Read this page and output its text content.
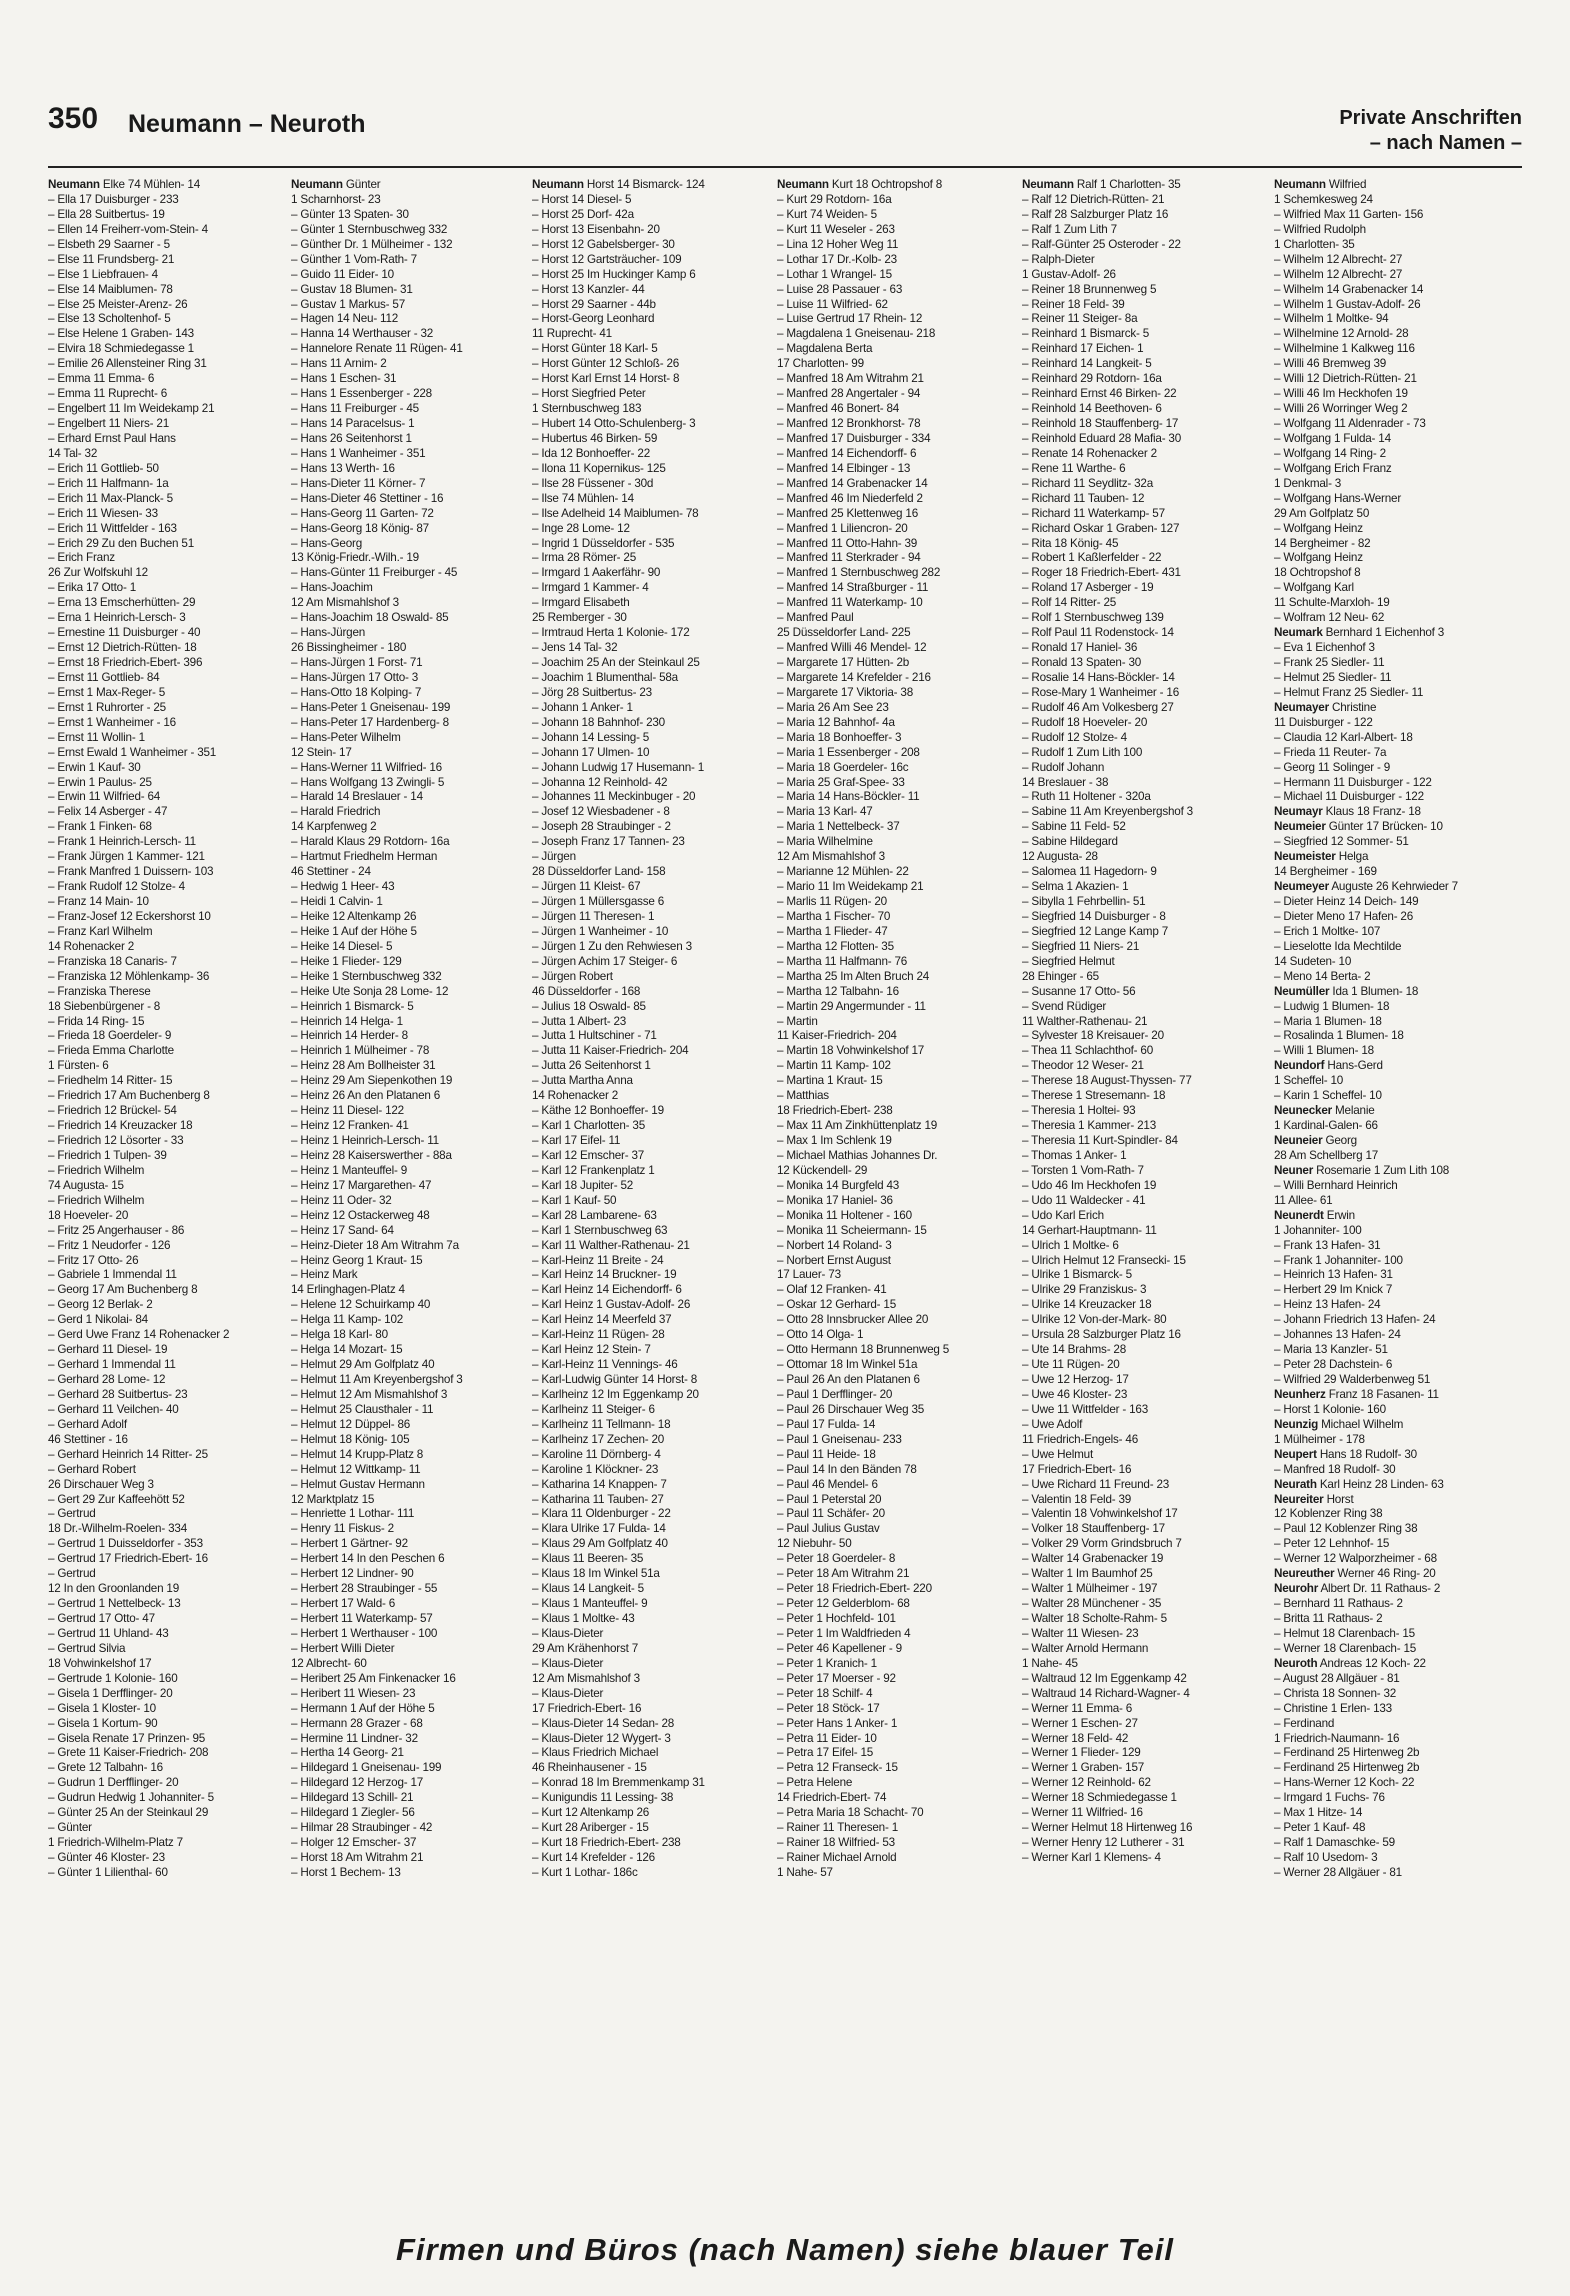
350 Neumann – Neuroth	Private Anschriften
– nach Namen –
Neumann Elke 74 Mühlen- 14
– Ella 17 Duisburger - 233
– Ella 28 Suitbertus- 19
– Ellen 14 Freiherr-vom-Stein- 4
– Elsbeth 29 Saarner - 5
– Else 11 Frundsberg- 21
– Else 1 Liebfrauen- 4
– Else 14 Maiblumen- 78
– Else 25 Meister-Arenz- 26
– Else 13 Scholtenhof- 5
– Else Helene 1 Graben- 143
– Elvira 18 Schmiedegasse 1
– Emilie 26 Allensteiner Ring 31
– Emma 11 Emma- 6
– Emma 11 Ruprecht- 6
– Engelbert 11 Im Weidekamp 21
– Engelbert 11 Niers- 21
– Erhard Ernst Paul Hans
14 Tal- 32
– Erich 11 Gottlieb- 50
– Erich 11 Halfmann- 1a
– Erich 11 Max-Planck- 5
– Erich 11 Wiesen- 33
– Erich 11 Wittfelder - 163
– Erich 29 Zu den Buchen 51
– Erich Franz
26 Zur Wolfskuhl 12
– Erika 17 Otto- 1
– Erna 13 Emscherhütten- 29
– Erna 1 Heinrich-Lersch- 3
– Ernestine 11 Duisburger - 40
– Ernst 12 Dietrich-Rütten- 18
– Ernst 18 Friedrich-Ebert- 396
– Ernst 11 Gottlieb- 84
– Ernst 1 Max-Reger- 5
– Ernst 1 Ruhrorter - 25
– Ernst 1 Wanheimer - 16
– Ernst 11 Wollin- 1
– Ernst Ewald 1 Wanheimer - 351
– Erwin 1 Kauf- 30
– Erwin 1 Paulus- 25
– Erwin 11 Wilfried- 64
– Felix 14 Asberger - 47
– Frank 1 Finken- 68
– Frank 1 Heinrich-Lersch- 11
– Frank Jürgen 1 Kammer- 121
– Frank Manfred 1 Duissern- 103
– Frank Rudolf 12 Stolze- 4
– Franz 14 Main- 10
– Franz-Josef 12 Eckershorst 10
– Franz Karl Wilhelm
14 Rohenacker 2
– Franziska 18 Canaris- 7
– Franziska 12 Möhlenkamp- 36
– Franziska Therese
18 Siebenbürgener - 8
– Frida 14 Ring- 15
– Frieda 18 Goerdeler- 9
– Frieda Emma Charlotte
1 Fürsten- 6
– Friedhelm 14 Ritter- 15
– Friedrich 17 Am Buchenberg 8
– Friedrich 12 Brückel- 54
– Friedrich 14 Kreuzacker 18
– Friedrich 12 Lösorter - 33
– Friedrich 1 Tulpen- 39
– Friedrich Wilhelm
74 Augusta- 15
– Friedrich Wilhelm
18 Hoeveler- 20
– Fritz 25 Angerhauser - 86
– Fritz 1 Neudorfer - 126
– Fritz 17 Otto- 26
– Gabriele 1 Immendal 11
– Georg 17 Am Buchenberg 8
– Georg 12 Berlak- 2
– Gerd 1 Nikolai- 84
– Gerd Uwe Franz 14 Rohenacker 2
– Gerhard 11 Diesel- 19
– Gerhard 1 Immendal 11
– Gerhard 28 Lome- 12
– Gerhard 28 Suitbertus- 23
– Gerhard 11 Veilchen- 40
– Gerhard Adolf
46 Stettiner - 16
– Gerhard Heinrich 14 Ritter- 25
– Gerhard Robert
26 Dirschauer Weg 3
– Gert 29 Zur Kaffeehött 52
– Gertrud
18 Dr.-Wilhelm-Roelen- 334
– Gertrud 1 Duisseldorfer - 353
– Gertrud 17 Friedrich-Ebert- 16
– Gertrud
12 In den Groonlanden 19
– Gertrud 1 Nettelbeck- 13
– Gertrud 17 Otto- 47
– Gertrud 11 Uhland- 43
– Gertrud Silvia
18 Vohwinkelshof 17
– Gertrude 1 Kolonie- 160
– Gisela 1 Derfflinger- 20
– Gisela 1 Kloster- 10
– Gisela 1 Kortum- 90
– Gisela Renate 17 Prinzen- 95
– Grete 11 Kaiser-Friedrich- 208
– Grete 12 Talbahn- 16
– Gudrun 1 Derfflinger- 20
– Gudrun Hedwig 1 Johanniter- 5
– Günter 25 An der Steinkaul 29
– Günter
1 Friedrich-Wilhelm-Platz 7
– Günter 46 Kloster- 23
– Günter 1 Lilienthal- 60
Neumann Günter
1 Scharnhorst- 23
– Günter 13 Spaten- 30
– Günter 1 Sternbuschweg 332
– Günther Dr. 1 Mülheimer - 132
– Günther 1 Vom-Rath- 7
– Guido 11 Eider- 10
– Gustav 18 Blumen- 31
– Gustav 1 Markus- 57
– Hagen 14 Neu- 112
– Hanna 14 Werthauser - 32
– Hannelore Renate 11 Rügen- 41
– Hans 11 Arnim- 2
– Hans 1 Eschen- 31
– Hans 1 Essenberger - 228
– Hans 11 Freiburger - 45
– Hans 14 Paracelsus- 1
– Hans 26 Seitenhorst 1
– Hans 1 Wanheimer - 351
– Hans 13 Werth- 16
– Hans-Dieter 11 Körner- 7
– Hans-Dieter 46 Stettiner - 16
– Hans-Georg 11 Garten- 72
– Hans-Georg 18 König- 87
– Hans-Georg
13 König-Friedr.-Wilh.- 19
– Hans-Günter 11 Freiburger - 45
– Hans-Joachim
12 Am Mismahlshof 3
– Hans-Joachim 18 Oswald- 85
– Hans-Jürgen
26 Bissingheimer - 180
– Hans-Jürgen 1 Forst- 71
– Hans-Jürgen 17 Otto- 3
– Hans-Otto 18 Kolping- 7
– Hans-Peter 1 Gneisenau- 199
– Hans-Peter 17 Hardenberg- 8
– Hans-Peter Wilhelm
12 Stein- 17
– Hans-Werner 11 Wilfried- 16
– Hans Wolfgang 13 Zwingli- 5
– Harald 14 Breslauer - 14
– Harald Friedrich
14 Karpfenweg 2
– Harald Klaus 29 Rotdorn- 16a
– Hartmut Friedhelm Herman
46 Stettiner - 24
– Hedwig 1 Heer- 43
– Heidi 1 Calvin- 1
– Heike 12 Altenkamp 26
– Heike 1 Auf der Höhe 5
– Heike 14 Diesel- 5
– Heike 1 Flieder- 129
– Heike 1 Sternbuschweg 332
– Heike Ute Sonja 28 Lome- 12
– Heinrich 1 Bismarck- 5
– Heinrich 14 Helga- 1
– Heinrich 14 Herder- 8
– Heinrich 1 Mülheimer - 78
– Heinz 28 Am Bollheister 31
– Heinz 29 Am Siepenkothen 19
– Heinz 26 An den Platanen 6
– Heinz 11 Diesel- 122
– Heinz 12 Franken- 41
– Heinz 1 Heinrich-Lersch- 11
– Heinz 28 Kaiserswerther - 88a
– Heinz 1 Manteuffel- 9
– Heinz 17 Margarethen- 47
– Heinz 11 Oder- 32
– Heinz 12 Ostackerweg 48
– Heinz 17 Sand- 64
– Heinz-Dieter 18 Am Witrahm 7a
– Heinz Georg 1 Kraut- 15
– Heinz Mark
14 Erlinghagen-Platz 4
– Helene 12 Schuirkamp 40
– Helga 11 Kamp- 102
– Helga 18 Karl- 80
– Helga 14 Mozart- 15
– Helmut 29 Am Golfplatz 40
– Helmut 11 Am Kreyenbergshof 3
– Helmut 12 Am Mismahlshof 3
– Helmut 25 Clausthaler - 11
– Helmut 12 Düppel- 86
– Helmut 18 König- 105
– Helmut 14 Krupp-Platz 8
– Helmut 12 Wittkamp- 11
– Helmut Gustav Hermann
12 Marktplatz 15
– Henriette 1 Lothar- 111
– Henry 11 Fiskus- 2
– Herbert 1 Gärtner- 92
– Herbert 14 In den Peschen 6
– Herbert 12 Lindner- 90
– Herbert 28 Straubinger - 55
– Herbert 17 Wald- 6
– Herbert 11 Waterkamp- 57
– Herbert 1 Werthauser - 100
– Herbert Willi Dieter
12 Albrecht- 60
– Heribert 25 Am Finkenacker 16
– Heribert 11 Wiesen- 23
– Hermann 1 Auf der Höhe 5
– Hermann 28 Grazer - 68
– Hermine 11 Lindner- 32
– Hertha 14 Georg- 21
– Hildegard 1 Gneisenau- 199
– Hildegard 12 Herzog- 17
– Hildegard 13 Schill- 21
– Hildegard 1 Ziegler- 56
– Hilmar 28 Straubinger - 42
– Holger 12 Emscher- 37
– Horst 18 Am Witrahm 21
– Horst 1 Bechem- 13
Neumann Horst 14 Bismarck- 124
– Horst 14 Diesel- 5
– Horst 25 Dorf- 42a
– Horst 13 Eisenbahn- 20
– Horst 12 Gabelsberger- 30
– Horst 12 Gartsträucher- 109
– Horst 25 Im Huckinger Kamp 6
– Horst 13 Kanzler- 44
– Horst 29 Saarner - 44b
– Horst-Georg Leonhard
11 Ruprecht- 41
– Horst Günter 18 Karl- 5
– Horst Günter 12 Schloß- 26
– Horst Karl Ernst 14 Horst- 8
– Horst Siegfried Peter
1 Sternbuschweg 183
– Hubert 14 Otto-Schulenberg- 3
– Hubertus 46 Birken- 59
– Ida 12 Bonhoeffer- 22
– Ilona 11 Kopernikus- 125
– Ilse 28 Füssener - 30d
– Ilse 74 Mühlen- 14
– Ilse Adelheid 14 Maiblumen- 78
– Inge 28 Lome- 12
– Ingrid 1 Düsseldorfer - 535
– Irma 28 Römer- 25
– Irmgard 1 Aakerfähr- 90
– Irmgard 1 Kammer- 4
– Irmgard Elisabeth
25 Remberger - 30
– Irmtraud Herta 1 Kolonie- 172
– Jens 14 Tal- 32
– Joachim 25 An der Steinkaul 25
– Joachim 1 Blumenthal- 58a
– Jörg 28 Suitbertus- 23
– Johann 1 Anker- 1
– Johann 18 Bahnhof- 230
– Johann 14 Lessing- 5
– Johann 17 Ulmen- 10
– Johann Ludwig 17 Husemann- 1
– Johanna 12 Reinhold- 42
– Johannes 11 Meckinbuger - 20
– Josef 12 Wiesbadener - 8
– Joseph 28 Straubinger - 2
– Joseph Franz 17 Tannen- 23
– Jürgen
28 Düsseldorfer Land- 158
– Jürgen 11 Kleist- 67
– Jürgen 1 Müllersgasse 6
– Jürgen 11 Theresen- 1
– Jürgen 1 Wanheimer - 10
– Jürgen 1 Zu den Rehwiesen 3
– Jürgen Achim 17 Steiger- 6
– Jürgen Robert
46 Düsseldorfer - 168
– Julius 18 Oswald- 85
– Jutta 1 Albert- 23
– Jutta 1 Hultschiner - 71
– Jutta 11 Kaiser-Friedrich- 204
– Jutta 26 Seitenhorst 1
– Jutta Martha Anna
14 Rohenacker 2
– Käthe 12 Bonhoeffer- 19
– Karl 1 Charlotten- 35
– Karl 17 Eifel- 11
– Karl 12 Emscher- 37
– Karl 12 Frankenplatz 1
– Karl 18 Jupiter- 52
– Karl 1 Kauf- 50
– Karl 28 Lambarene- 63
– Karl 1 Sternbuschweg 63
– Karl 11 Walther-Rathenau- 21
– Karl-Heinz 11 Breite - 24
– Karl Heinz 14 Bruckner- 19
– Karl Heinz 14 Eichendorff- 6
– Karl Heinz 1 Gustav-Adolf- 26
– Karl Heinz 14 Meerfeld 37
– Karl-Heinz 11 Rügen- 28
– Karl Heinz 12 Stein- 7
– Karl-Heinz 11 Vennings- 46
– Karl-Ludwig Günter 14 Horst- 8
– Karlheinz 12 Im Eggenkamp 20
– Karlheinz 11 Steiger- 6
– Karlheinz 11 Tellmann- 18
– Karlheinz 17 Zechen- 20
– Karoline 11 Dörnberg- 4
– Karoline 1 Klöckner- 23
– Katharina 14 Knappen- 7
– Katharina 11 Tauben- 27
– Klara 11 Oldenburger - 22
– Klara Ulrike 17 Fulda- 14
– Klaus 29 Am Golfplatz 40
– Klaus 11 Beeren- 35
– Klaus 18 Im Winkel 51a
– Klaus 14 Langkeit- 5
– Klaus 1 Manteuffel- 9
– Klaus 1 Moltke- 43
– Klaus-Dieter
29 Am Krähenhorst 7
– Klaus-Dieter
12 Am Mismahlshof 3
– Klaus-Dieter
17 Friedrich-Ebert- 16
– Klaus-Dieter 14 Sedan- 28
– Klaus-Dieter 12 Wygert- 3
– Klaus Friedrich Michael
46 Rheinhausener - 15
– Konrad 18 Im Bremmenkamp 31
– Kunigundis 11 Lessing- 38
– Kurt 12 Altenkamp 26
– Kurt 28 Ariberger - 15
– Kurt 18 Friedrich-Ebert- 238
– Kurt 14 Krefelder - 126
– Kurt 1 Lothar- 186c
Neumann Kurt 18 Ochtropshof 8
– Kurt 29 Rotdorn- 16a
– Kurt 74 Weiden- 5
– Kurt 11 Weseler - 263
– Lina 12 Hoher Weg 11
– Lothar 17 Dr.-Kolb- 23
– Lothar 1 Wrangel- 15
– Luise 28 Passauer - 63
– Luise 11 Wilfried- 62
– Luise Gertrud 17 Rhein- 12
– Magdalena 1 Gneisenau- 218
– Magdalena Berta
17 Charlotten- 99
– Manfred 18 Am Witrahm 21
– Manfred 28 Angertaler - 94
– Manfred 46 Bonert- 84
– Manfred 12 Bronkhorst- 78
– Manfred 17 Duisburger - 334
– Manfred 14 Eichendorff- 6
– Manfred 14 Elbinger - 13
– Manfred 14 Grabenacker 14
– Manfred 46 Im Niederfeld 2
– Manfred 25 Klettenweg 16
– Manfred 1 Liliencron- 20
– Manfred 11 Otto-Hahn- 39
– Manfred 11 Sterkrader - 94
– Manfred 1 Sternbuschweg 282
– Manfred 14 Straßburger - 11
– Manfred 11 Waterkamp- 10
– Manfred Paul
25 Düsseldorfer Land- 225
– Manfred Willi 46 Mendel- 12
– Margarete 17 Hütten- 2b
– Margarete 14 Krefelder - 216
– Margarete 17 Viktoria- 38
– Maria 26 Am See 23
– Maria 12 Bahnhof- 4a
– Maria 18 Bonhoeffer- 3
– Maria 1 Essenberger - 208
– Maria 18 Goerdeler- 16c
– Maria 25 Graf-Spee- 33
– Maria 14 Hans-Böckler- 11
– Maria 13 Karl- 47
– Maria 1 Nettelbeck- 37
– Maria Wilhelmine
12 Am Mismahlshof 3
– Marianne 12 Mühlen- 22
– Mario 11 Im Weidekamp 21
– Marlis 11 Rügen- 20
– Martha 1 Fischer- 70
– Martha 1 Flieder- 47
– Martha 12 Flotten- 35
– Martha 11 Halfmann- 76
– Martha 25 Im Alten Bruch 24
– Martha 12 Talbahn- 16
– Martin 29 Angermunder - 11
– Martin
11 Kaiser-Friedrich- 204
– Martin 18 Vohwinkelshof 17
– Martin 11 Kamp- 102
– Martina 1 Kraut- 15
– Matthias
18 Friedrich-Ebert- 238
– Max 11 Am Zinkhüttenplatz 19
– Max 1 Im Schlenk 19
– Michael Mathias Johannes Dr.
12 Kückendell- 29
– Monika 14 Burgfeld 43
– Monika 17 Haniel- 36
– Monika 11 Holtener - 160
– Monika 11 Scheiermann- 15
– Norbert 14 Roland- 3
– Norbert Ernst August
17 Lauer- 73
– Olaf 12 Franken- 41
– Oskar 12 Gerhard- 15
– Otto 28 Innsbrucker Allee 20
– Otto 14 Olga- 1
– Otto Hermann 18 Brunnenweg 5
– Ottomar 18 Im Winkel 51a
– Paul 26 An den Platanen 6
– Paul 1 Derfflinger- 20
– Paul 26 Dirschauer Weg 35
– Paul 17 Fulda- 14
– Paul 1 Gneisenau- 233
– Paul 11 Heide- 18
– Paul 14 In den Bänden 78
– Paul 46 Mendel- 6
– Paul 1 Peterstal 20
– Paul 11 Schäfer- 20
– Paul Julius Gustav
12 Niebuhr- 50
– Peter 18 Goerdeler- 8
– Peter 18 Am Witrahm 21
– Peter 18 Friedrich-Ebert- 220
– Peter 12 Gelderblom- 68
– Peter 1 Hochfeld- 101
– Peter 1 Im Waldfrieden 4
– Peter 46 Kapellener - 9
– Peter 1 Kranich- 1
– Peter 17 Moerser - 92
– Peter 18 Schilf- 4
– Peter 18 Stöck- 17
– Peter Hans 1 Anker- 1
– Petra 11 Eider- 10
– Petra 17 Eifel- 15
– Petra 12 Franseck- 15
– Petra Helene
14 Friedrich-Ebert- 74
– Petra Maria 18 Schacht- 70
– Rainer 11 Theresen- 1
– Rainer 18 Wilfried- 53
– Rainer Michael Arnold
1 Nahe- 57
Neumann Ralf 1 Charlotten- 35
– Ralf 12 Dietrich-Rütten- 21
– Ralf 28 Salzburger Platz 16
– Ralf 1 Zum Lith 7
– Ralf-Günter 25 Osteroder - 22
– Ralph-Dieter
1 Gustav-Adolf- 26
– Reiner 18 Brunnenweg 5
– Reiner 18 Feld- 39
– Reiner 11 Steiger- 8a
– Reinhard 1 Bismarck- 5
– Reinhard 17 Eichen- 1
– Reinhard 14 Langkeit- 5
– Reinhard 29 Rotdorn- 16a
– Reinhard Ernst 46 Birken- 22
– Reinhold 14 Beethoven- 6
– Reinhold 18 Stauffenberg- 17
– Reinhold Eduard 28 Mafia- 30
– Renate 14 Rohenacker 2
– Rene 11 Warthe- 6
– Richard 11 Seydlitz- 32a
– Richard 11 Tauben- 12
– Richard 11 Waterkamp- 57
– Richard Oskar 1 Graben- 127
– Rita 18 König- 45
– Robert 1 Kaßlerfelder - 22
– Roger 18 Friedrich-Ebert- 431
– Roland 17 Asberger - 19
– Rolf 14 Ritter- 25
– Rolf 1 Sternbuschweg 139
– Rolf Paul 11 Rodenstock- 14
– Ronald 17 Haniel- 36
– Ronald 13 Spaten- 30
– Rosalie 14 Hans-Böckler- 14
– Rose-Mary 1 Wanheimer - 16
– Rudolf 46 Am Volkesberg 27
– Rudolf 18 Hoeveler- 20
– Rudolf 12 Stolze- 4
– Rudolf 1 Zum Lith 100
– Rudolf Johann
14 Breslauer - 38
– Ruth 11 Holtener - 320a
– Sabine 11 Am Kreyenbergshof 3
– Sabine 11 Feld- 52
– Sabine Hildegard
12 Augusta- 28
– Salomea 11 Hagedorn- 9
– Selma 1 Akazien- 1
– Sibylla 1 Fehrbellin- 51
– Siegfried 14 Duisburger - 8
– Siegfried 12 Lange Kamp 7
– Siegfried 11 Niers- 21
– Siegfried Helmut
28 Ehinger - 65
– Susanne 17 Otto- 56
– Svend Rüdiger
11 Walther-Rathenau- 21
– Sylvester 18 Kreisauer- 20
– Thea 11 Schlachthof- 60
– Theodor 12 Weser- 21
– Therese 18 August-Thyssen- 77
– Therese 1 Stresemann- 18
– Theresia 1 Holtei- 93
– Theresia 1 Kammer- 213
– Theresia 11 Kurt-Spindler- 84
– Thomas 1 Anker- 1
– Torsten 1 Vom-Rath- 7
– Udo 46 Im Heckhofen 19
– Udo 11 Waldecker - 41
– Udo Karl Erich
14 Gerhart-Hauptmann- 11
– Ulrich 1 Moltke- 6
– Ulrich Helmut 12 Fransecki- 15
– Ulrike 1 Bismarck- 5
– Ulrike 29 Franziskus- 3
– Ulrike 14 Kreuzacker 18
– Ulrike 12 Von-der-Mark- 80
– Ursula 28 Salzburger Platz 16
– Ute 14 Brahms- 28
– Ute 11 Rügen- 20
– Uwe 12 Herzog- 17
– Uwe 46 Kloster- 23
– Uwe 11 Wittfelder - 163
– Uwe Adolf
11 Friedrich-Engels- 46
– Uwe Helmut
17 Friedrich-Ebert- 16
– Uwe Richard 11 Freund- 23
– Valentin 18 Feld- 39
– Valentin 18 Vohwinkelshof 17
– Volker 18 Stauffenberg- 17
– Volker 29 Vorm Grindsbruch 7
– Walter 14 Grabenacker 19
– Walter 1 Im Baumhof 25
– Walter 1 Mülheimer - 197
– Walter 28 Münchener - 35
– Walter 18 Scholte-Rahm- 5
– Walter 11 Wiesen- 23
– Walter Arnold Hermann
1 Nahe- 45
– Waltraud 12 Im Eggenkamp 42
– Waltraud 14 Richard-Wagner- 4
– Werner 11 Emma- 6
– Werner 1 Eschen- 27
– Werner 18 Feld- 42
– Werner 1 Flieder- 129
– Werner 1 Graben- 157
– Werner 12 Reinhold- 62
– Werner 18 Schmiedegasse 1
– Werner 11 Wilfried- 16
– Werner Helmut 18 Hirtenweg 16
– Werner Henry 12 Lutherer - 31
– Werner Karl 1 Klemens- 4
Neumann Wilfried
1 Schemkesweg 24
– Wilfried Max 11 Garten- 156
– Wilfried Rudolph
1 Charlotten- 35
– Wilhelm 12 Albrecht- 27
– Wilhelm 12 Albrecht- 27
– Wilhelm 14 Grabenacker 14
– Wilhelm 1 Gustav-Adolf- 26
– Wilhelm 1 Moltke- 94
– Wilhelmine 12 Arnold- 28
– Wilhelmine 1 Kalkweg 116
– Willi 46 Bremweg 39
– Willi 12 Dietrich-Rütten- 21
– Willi 46 Im Heckhofen 19
– Willi 26 Worringer Weg 2
– Wolfgang 11 Aldenrader - 73
– Wolfgang 1 Fulda- 14
– Wolfgang 14 Ring- 2
– Wolfgang Erich Franz
1 Denkmal- 3
– Wolfgang Hans-Werner
29 Am Golfplatz 50
– Wolfgang Heinz
14 Bergheimer - 82
– Wolfgang Heinz
18 Ochtropshof 8
– Wolfgang Karl
11 Schulte-Marxloh- 19
– Wolfram 12 Neu- 62
Neumark Bernhard 1 Eichenhof 3
– Eva 1 Eichenhof 3
– Frank 25 Siedler- 11
– Helmut 25 Siedler- 11
– Helmut Franz 25 Siedler- 11
Neumayer Christine
11 Duisburger - 122
– Claudia 12 Karl-Albert- 18
– Frieda 11 Reuter- 7a
– Georg 11 Solinger - 9
– Hermann 11 Duisburger - 122
– Michael 11 Duisburger - 122
Neumayr Klaus 18 Franz- 18
Neumeier Günter 17 Brücken- 10
– Siegfried 12 Sommer- 51
Neumeister Helga
14 Bergheimer - 169
Neumeyer Auguste 26 Kehrwieder 7
– Dieter Heinz 14 Deich- 149
– Dieter Meno 17 Hafen- 26
– Erich 1 Moltke- 107
– Lieselotte Ida Mechtilde
14 Sudeten- 10
– Meno 14 Berta- 2
Neumüller Ida 1 Blumen- 18
– Ludwig 1 Blumen- 18
– Maria 1 Blumen- 18
– Rosalinda 1 Blumen- 18
– Willi 1 Blumen- 18
Neundorf Hans-Gerd
1 Scheffel- 10
– Karin 1 Scheffel- 10
Neunecker Melanie
1 Kardinal-Galen- 66
Neuneier Georg
28 Am Schellberg 17
Neuner Rosemarie 1 Zum Lith 108
– Willi Bernhard Heinrich
11 Allee- 61
Neunerdt Erwin
1 Johanniter- 100
– Frank 13 Hafen- 31
– Frank 1 Johanniter- 100
– Heinrich 13 Hafen- 31
– Herbert 29 Im Knick 7
– Heinz 13 Hafen- 24
– Johann Friedrich 13 Hafen- 24
– Johannes 13 Hafen- 24
– Maria 13 Kanzler- 51
– Peter 28 Dachstein- 6
– Wilfried 29 Walderbenweg 51
Neunherz Franz 18 Fasanen- 11
– Horst 1 Kolonie- 160
Neunzig Michael Wilhelm
1 Mülheimer - 178
Neupert Hans 18 Rudolf- 30
– Manfred 18 Rudolf- 30
Neurath Karl Heinz 28 Linden- 63
Neureiter Horst
12 Koblenzer Ring 38
– Paul 12 Koblenzer Ring 38
– Peter 12 Lehnhof- 15
– Werner 12 Walporzheimer - 68
Neureuther Werner 46 Ring- 20
Neurohr Albert Dr. 11 Rathaus- 2
– Bernhard 11 Rathaus- 2
– Britta 11 Rathaus- 2
– Helmut 18 Clarenbach- 15
– Werner 18 Clarenbach- 15
Neuroth Andreas 12 Koch- 22
– August 28 Allgäuer - 81
– Christa 18 Sonnen- 32
– Christine 1 Erlen- 133
– Ferdinand
1 Friedrich-Naumann- 16
– Ferdinand 25 Hirtenweg 2b
– Ferdinand 25 Hirtenweg 2b
– Hans-Werner 12 Koch- 22
– Irmgard 1 Fuchs- 76
– Max 1 Hitze- 14
– Peter 1 Kauf- 48
– Ralf 1 Damaschke- 59
– Ralf 10 Usedom- 3
– Werner 28 Allgäuer - 81
Firmen und Büros (nach Namen) siehe blauer Teil
